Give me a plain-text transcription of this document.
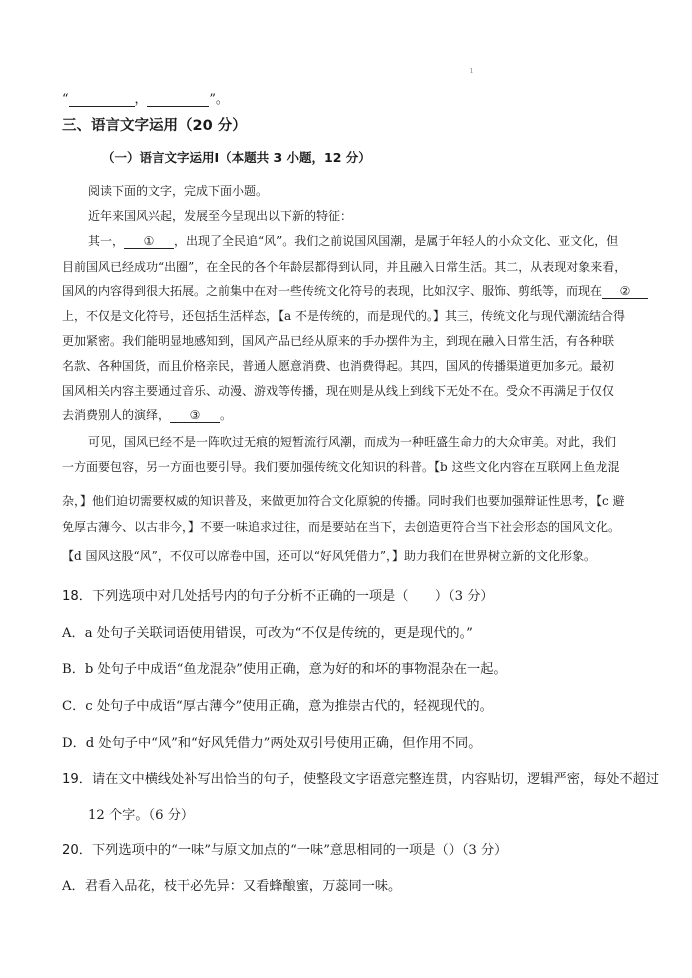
ı
“	，	”。
三、语言文字运用（20 分）
（一）语言文字运用Ⅰ（本题共 3 小题，12 分）
阅读下面的文字，完成下面小题。
近年来国风兴起，发展至今呈现出以下新的特征：
其一， ① ，出现了全民追“风”。我们之前说国风国潮，是属于年轻人的小众文化、亚文化，但
目前国风已经成功“出圈”，在全民的各个年龄层都得到认同，并且融入日常生活。其二，从表现对象来看，
国风的内容得到很大拓展。之前集中在对一些传统文化符号的表现，比如汉字、服饰、剪纸等，而现在 ②
上，不仅是文化符号，还包括生活样态，【a 不是传统的，而是现代的。】其三，传统文化与现代潮流结合得
更加紧密。我们能明显地感知到，国风产品已经从原来的手办摆件为主，到现在融入日常生活，有各种联
名款、各种国货，而且价格亲民，普通人愿意消费、也消费得起。其四，国风的传播渠道更加多元。最初
国风相关内容主要通过音乐、动漫、游戏等传播，现在则是从线上到线下无处不在。受众不再满足于仅仅
去消费别人的演绎， ③ 。
可见，国风已经不是一阵吹过无痕的短暂流行风潮，而成为一种旺盛生命力的大众审美。对此，我们
一方面要包容，另一方面也要引导。我们要加强传统文化知识的科普。【b 这些文化内容在互联网上鱼龙混
杂，】他们迫切需要权威的知识普及，来做更加符合文化原貌的传播。同时我们也要加强辩证性思考，【c 避
免厚古薄今、以古非今，】不要一味追求过往，而是要站在当下，去创造更符合当下社会形态的国风文化。
【d 国风这股“风”，不仅可以席卷中国，还可以“好风凭借力”，】助力我们在世界树立新的文化形象。
18．下列选项中对几处括号内的句子分析不正确的一项是（　　）（3 分）
A．a 处句子关联词语使用错误，可改为“不仅是传统的，更是现代的。”
B．b 处句子中成语“鱼龙混杂”使用正确，意为好的和坏的事物混杂在一起。
C．c 处句子中成语“厚古薄今”使用正确，意为推崇古代的，轻视现代的。
D．d 处句子中“风”和“好风凭借力”两处双引号使用正确，但作用不同。
19．请在文中横线处补写出恰当的句子，使整段文字语意完整连贯，内容贴切，逻辑严密，每处不超过
12 个字。（6 分）
20．下列选项中的“一味”与原文加点的“一味”意思相同的一项是（）（3 分）
A．君看入品花，枝干必先异：又看蜂酿蜜，万蕊同一味。
